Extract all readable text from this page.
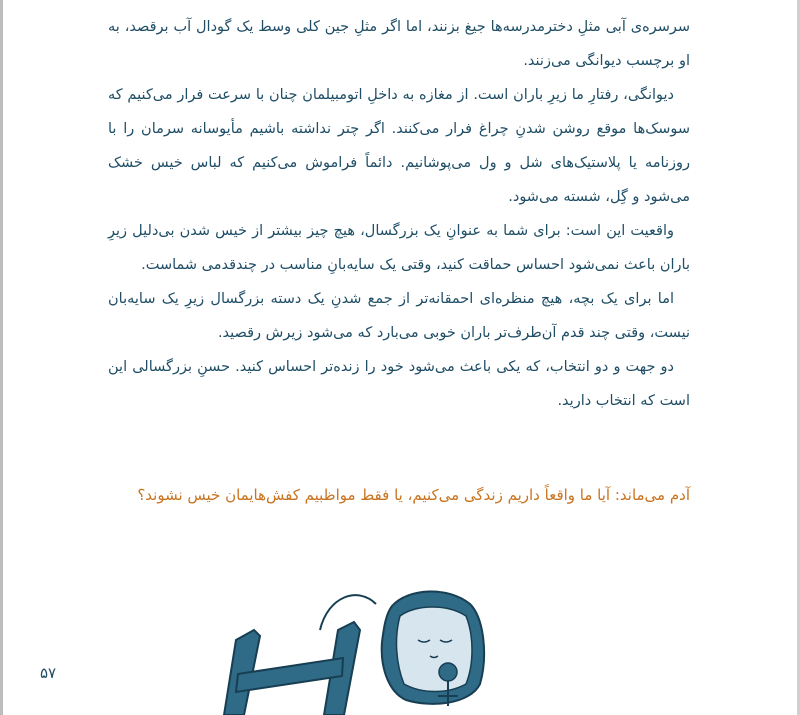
سرسره‌ی آبی مثلِ دخترمدرسه‌ها جیغ بزنند، اما اگر مثلِ جین کلی وسط یک گودال آب برقصد، به او برچسب دیوانگی می‌زنند.

دیوانگی، رفتارِ ما زیرِ باران است. از مغازه به داخلِ اتومبیلمان چنان با سرعت فرار می‌کنیم که سوسک‌ها موقع روشن شدنِ چراغ فرار می‌کنند. اگر چتر نداشته باشیم مأیوسانه سرمان را با روزنامه یا پلاستیک‌های شل و ول می‌پوشانیم. دائماً فراموش می‌کنیم که لباس خیس خشک می‌شود و گِل، شسته می‌شود.

واقعیت این است: برای شما به عنوانِ یک بزرگسال، هیچ چیز بیشتر از خیس شدن بی‌دلیل زیرِ باران باعث نمی‌شود احساس حماقت کنید، وقتی یک سایه‌بانِ مناسب در چندقدمی شماست.

اما برای یک بچه، هیچ منظره‌ای احمقانه‌تر از جمع شدنِ یک دسته بزرگسال زیرِ یک سایه‌بان نیست، وقتی چند قدم آن‌طرف‌تر باران خوبی می‌بارد که می‌شود زیرش رقصید.

دو جهت و دو انتخاب، که یکی باعث می‌شود خود را زنده‌تر احساس کنید. حسنِ بزرگسالی این است که انتخاب دارید.

آدم می‌ماند: آیا ما واقعاً داریم زندگی می‌کنیم، یا فقط مواظبیم کفش‌هایمان خیس نشوند؟

۵۷
